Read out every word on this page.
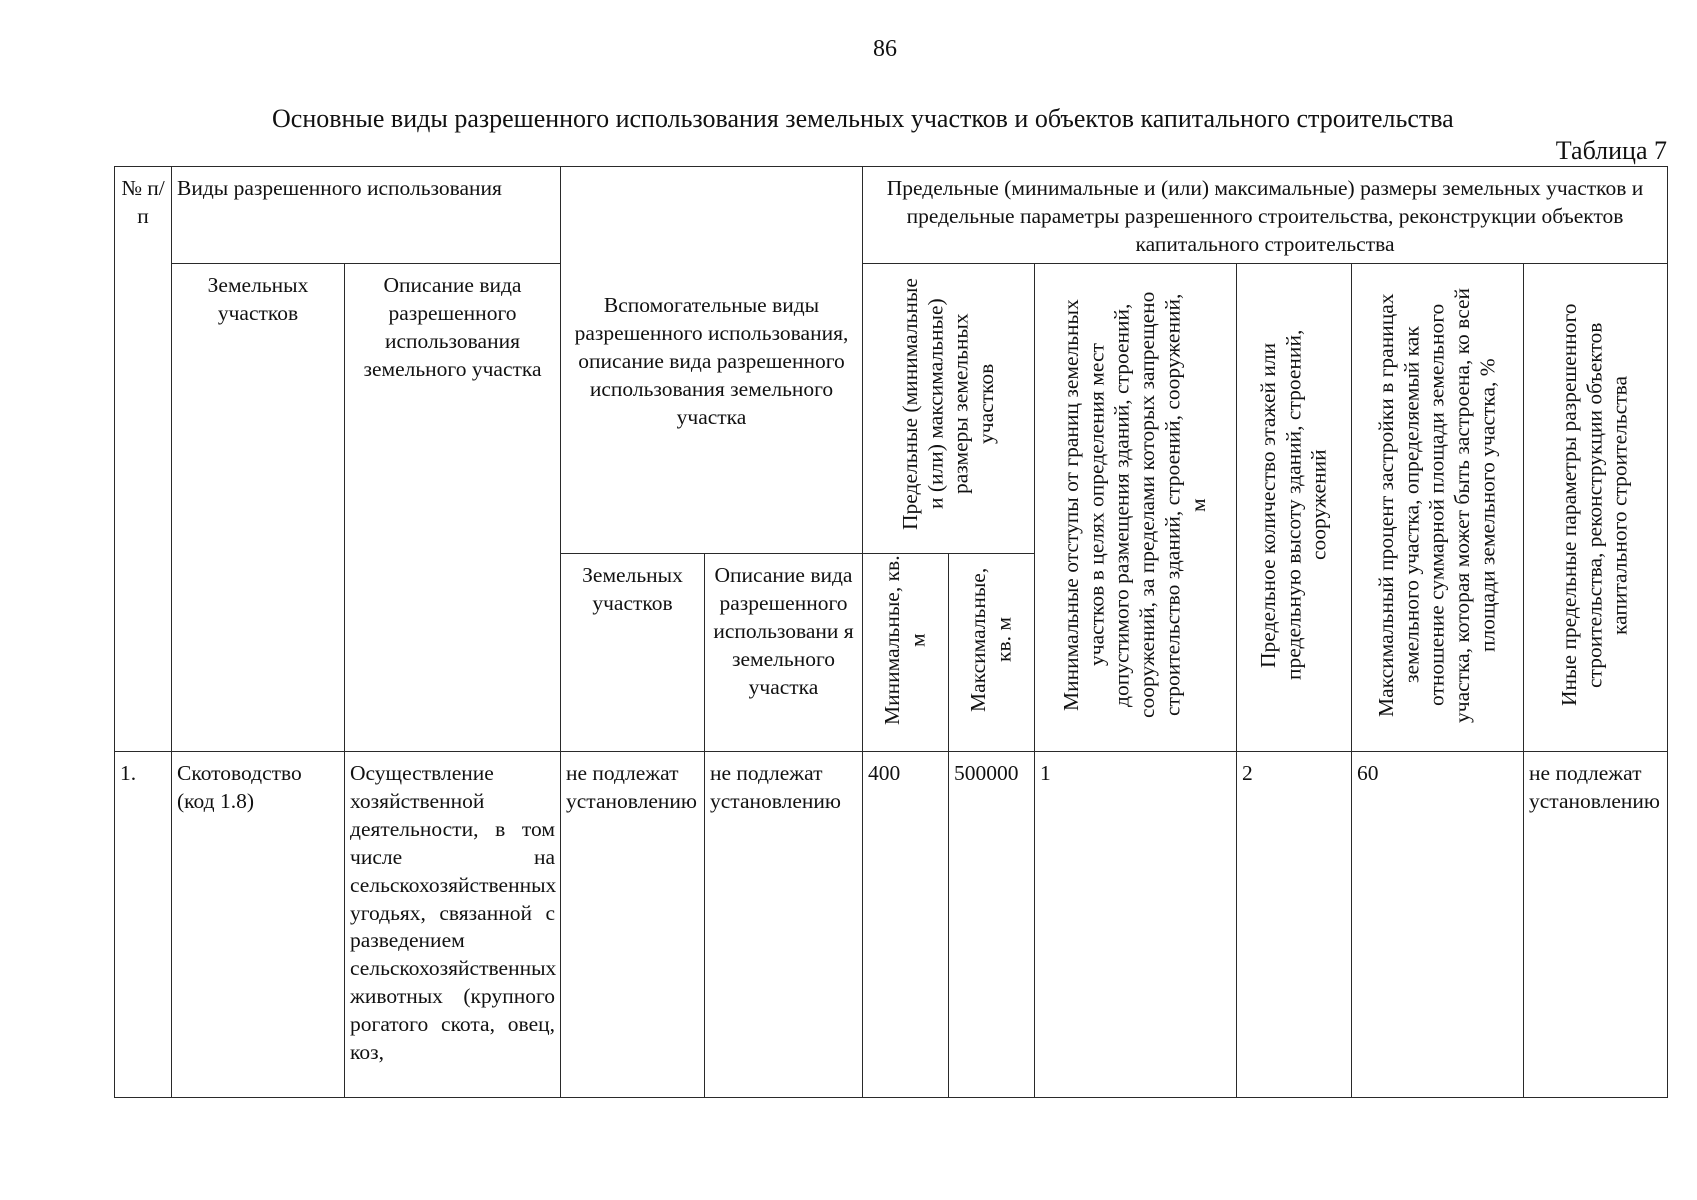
86
Основные виды разрешенного использования земельных участков и объектов капитального строительства
Таблица 7
№ п/п	Виды разрешенного использования		Вспомогательные виды разрешенного использования, описание вида разрешенного использования земельного участка		Предельные (минимальные и (или) максимальные) размеры земельных участков и предельные параметры разрешенного строительства, реконструкции объектов капитального строительства					
	Земельных участков	Описание вида разрешенного использования земельного участка			Предельные (минимальные и (или) максимальные) размеры земельных участков		Минимальные отступы от границ земельных участков в целях определения мест допустимого размещения зданий, строений, сооружений, за пределами которых запрещено строительство зданий, строений, сооружений, м	Предельное количество этажей или предельную высоту зданий, строений, сооружений	Максимальный процент застройки в границах земельного участка, определяемый как отношение суммарной площади земельного участка, которая может быть застроена, ко всей площади земельного участка, %	Иные предельные параметры разрешенного строительства, реконструкции объектов капитального строительства
			Земельных участков	Описание вида разрешенного использовани я земельного участка	Минимальные, кв. м	Максимальные, кв. м				
1.	Скотоводство (код 1.8)	Осуществление хозяйственной деятельности, в том числе на сельскохозяйственных угодьях, связанной с разведением сельскохозяйственных животных (крупного рогатого скота, овец, коз,	не подлежат установлению	не подлежат установлению	400	500000	1	2	60	не подлежат установлению
